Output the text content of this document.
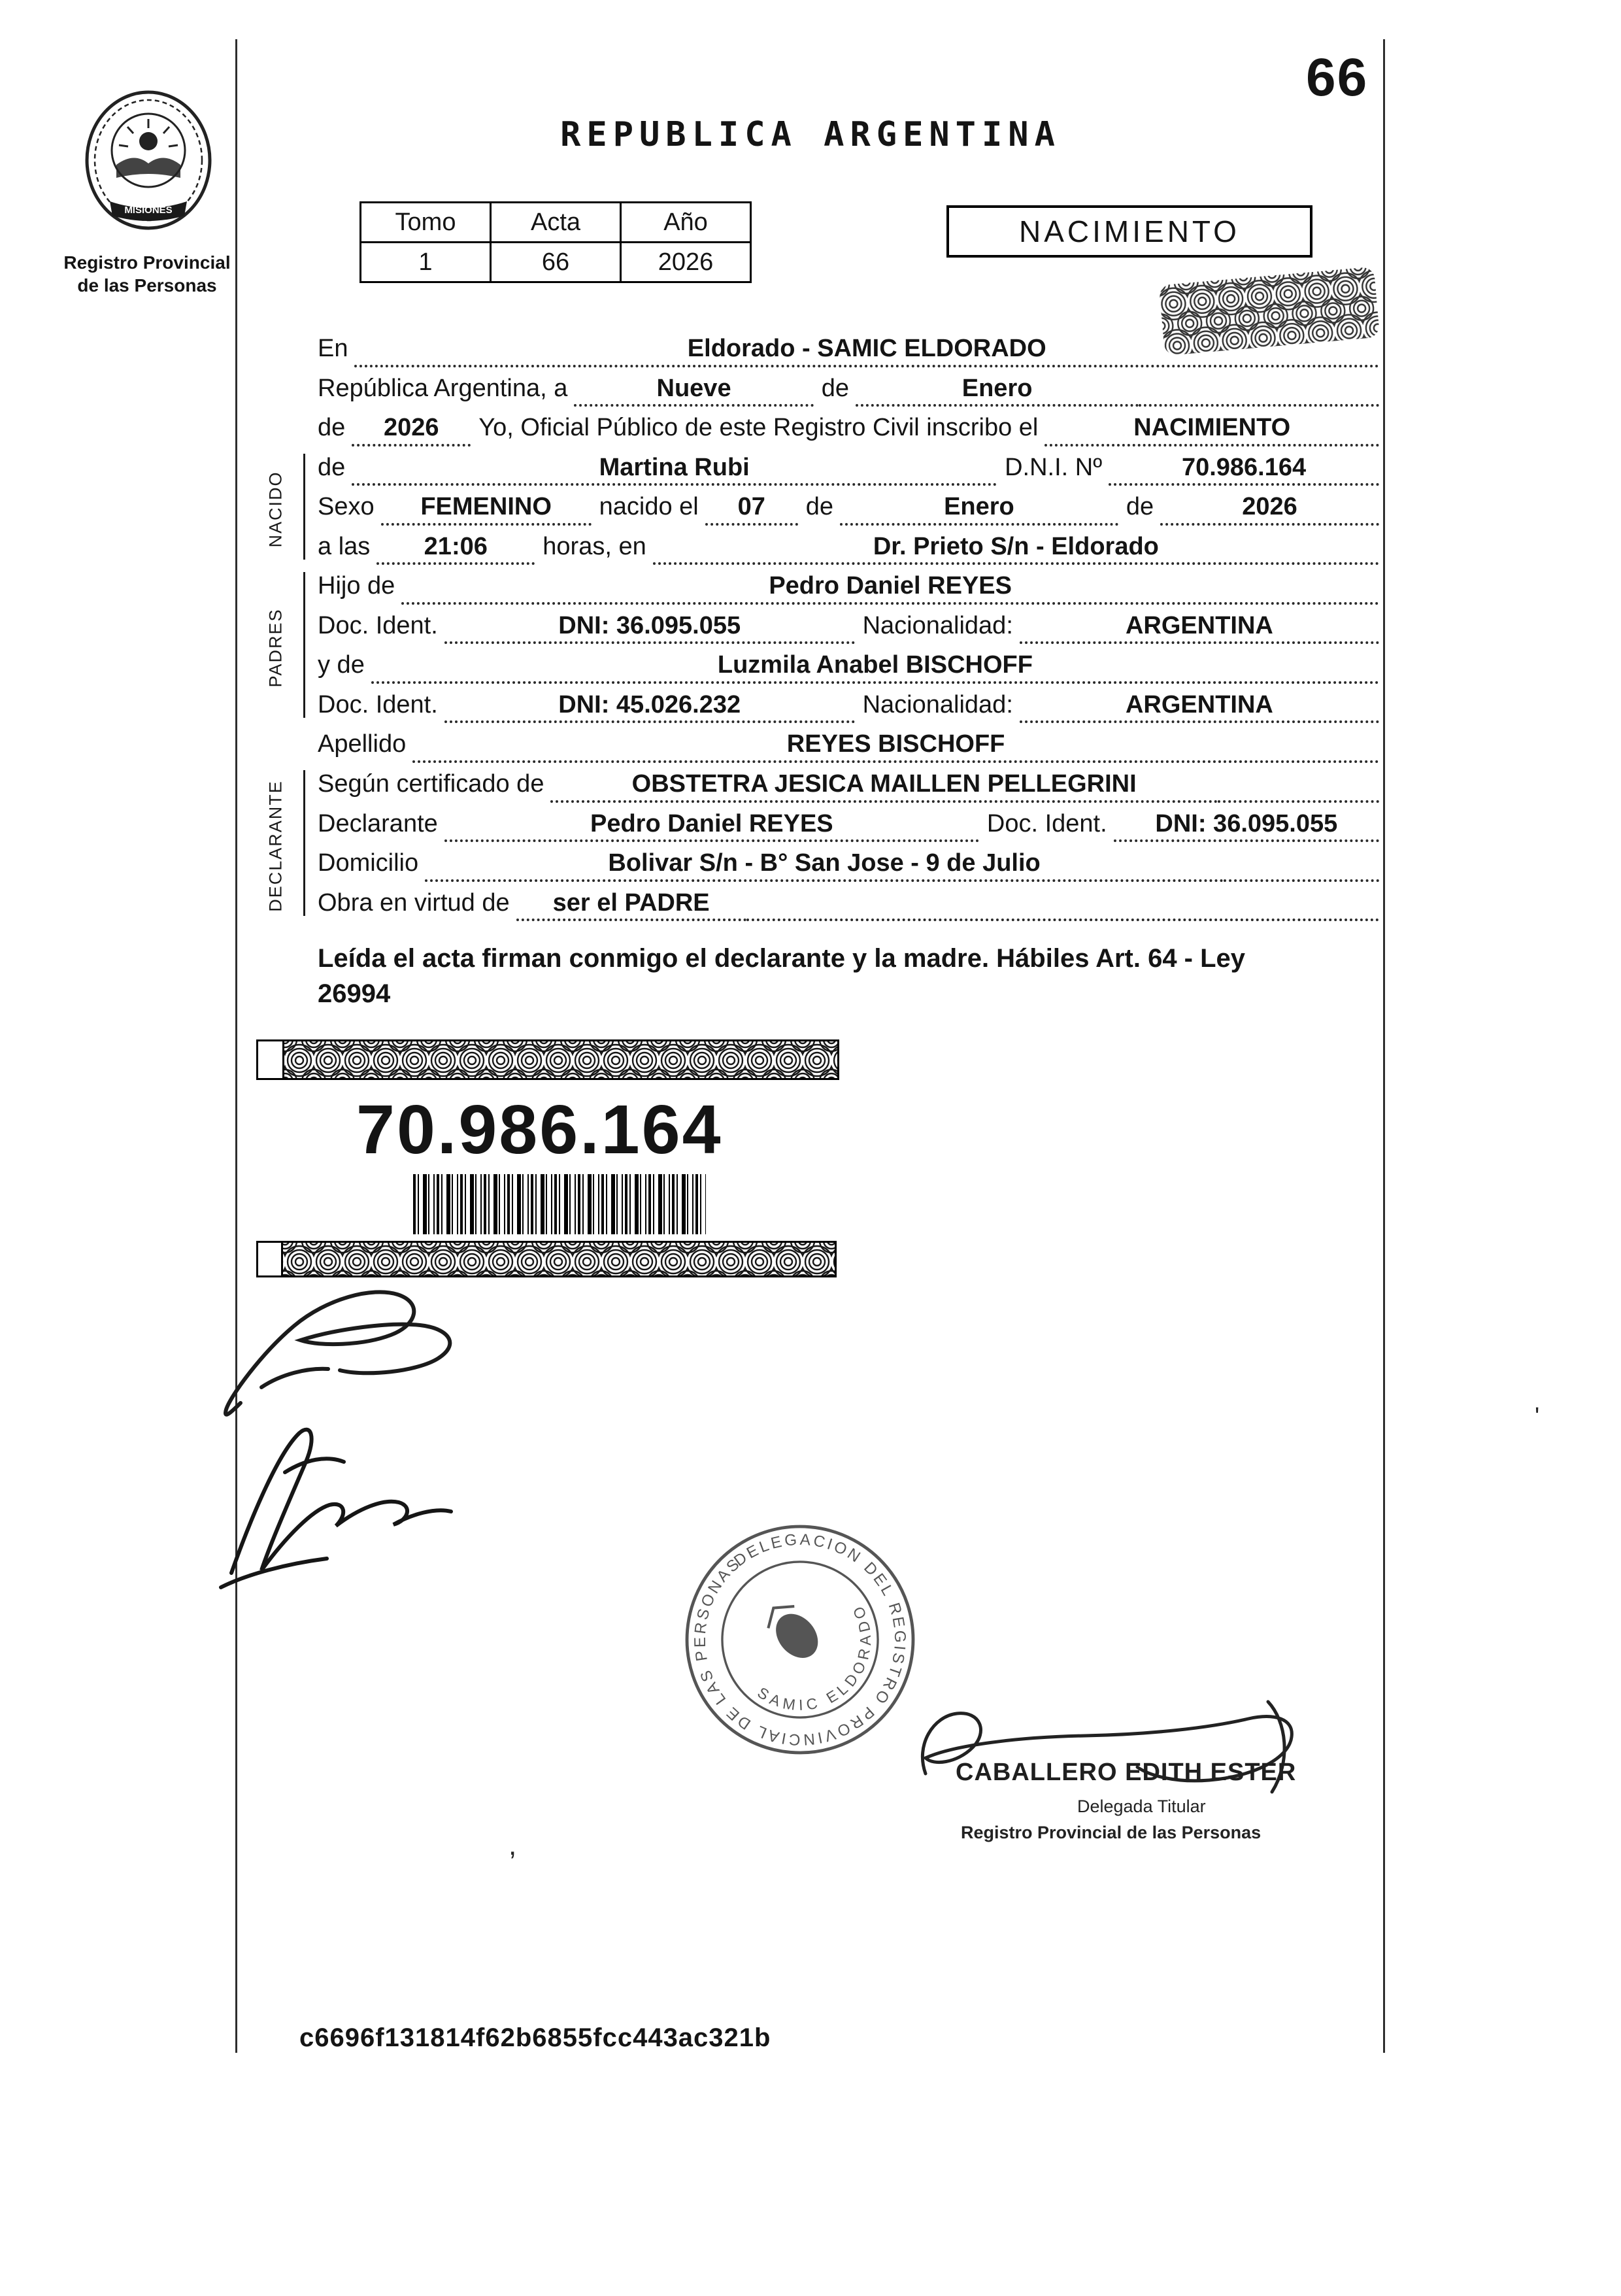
MISIONES
Registro Provincial
de las Personas
66
REPUBLICA ARGENTINA
Tomo	Acta	Año
1	66	2026
NACIMIENTO
En	Eldorado - SAMIC ELDORADO
República Argentina, a	Nueve	de	Enero
de	2026	Yo, Oficial Público de este Registro Civil inscribo el	NACIMIENTO
NACIDO
de	Martina Rubi	D.N.I. Nº	70.986.164
Sexo	FEMENINO	nacido el	07	de	Enero	de	2026
a las	21:06	horas, en	Dr. Prieto S/n - Eldorado
PADRES
Hijo de	Pedro Daniel REYES
Doc. Ident.	DNI: 36.095.055	Nacionalidad:	ARGENTINA
y de	Luzmila Anabel BISCHOFF
Doc. Ident.	DNI: 45.026.232	Nacionalidad:	ARGENTINA
Apellido	REYES BISCHOFF
DECLARANTE Según certificado de	OBSTETRA JESICA MAILLEN PELLEGRINI
Declarante	Pedro Daniel REYES	Doc. Ident.	DNI: 36.095.055
Domicilio	Bolivar S/n - B° San Jose - 9 de Julio
Obra en virtud de	ser el PADRE

Leída el acta firman conmigo el declarante y la madre. Hábiles Art. 64 - Ley 26994

70.986.164
DELEGACION DEL REGISTRO PROVINCIAL DE LAS PERSONAS
SAMIC ELDORADO
CABALLERO EDITH ESTER
Delegada Titular
Registro Provincial de las Personas
,
'
c6696f131814f62b6855fcc443ac321b
